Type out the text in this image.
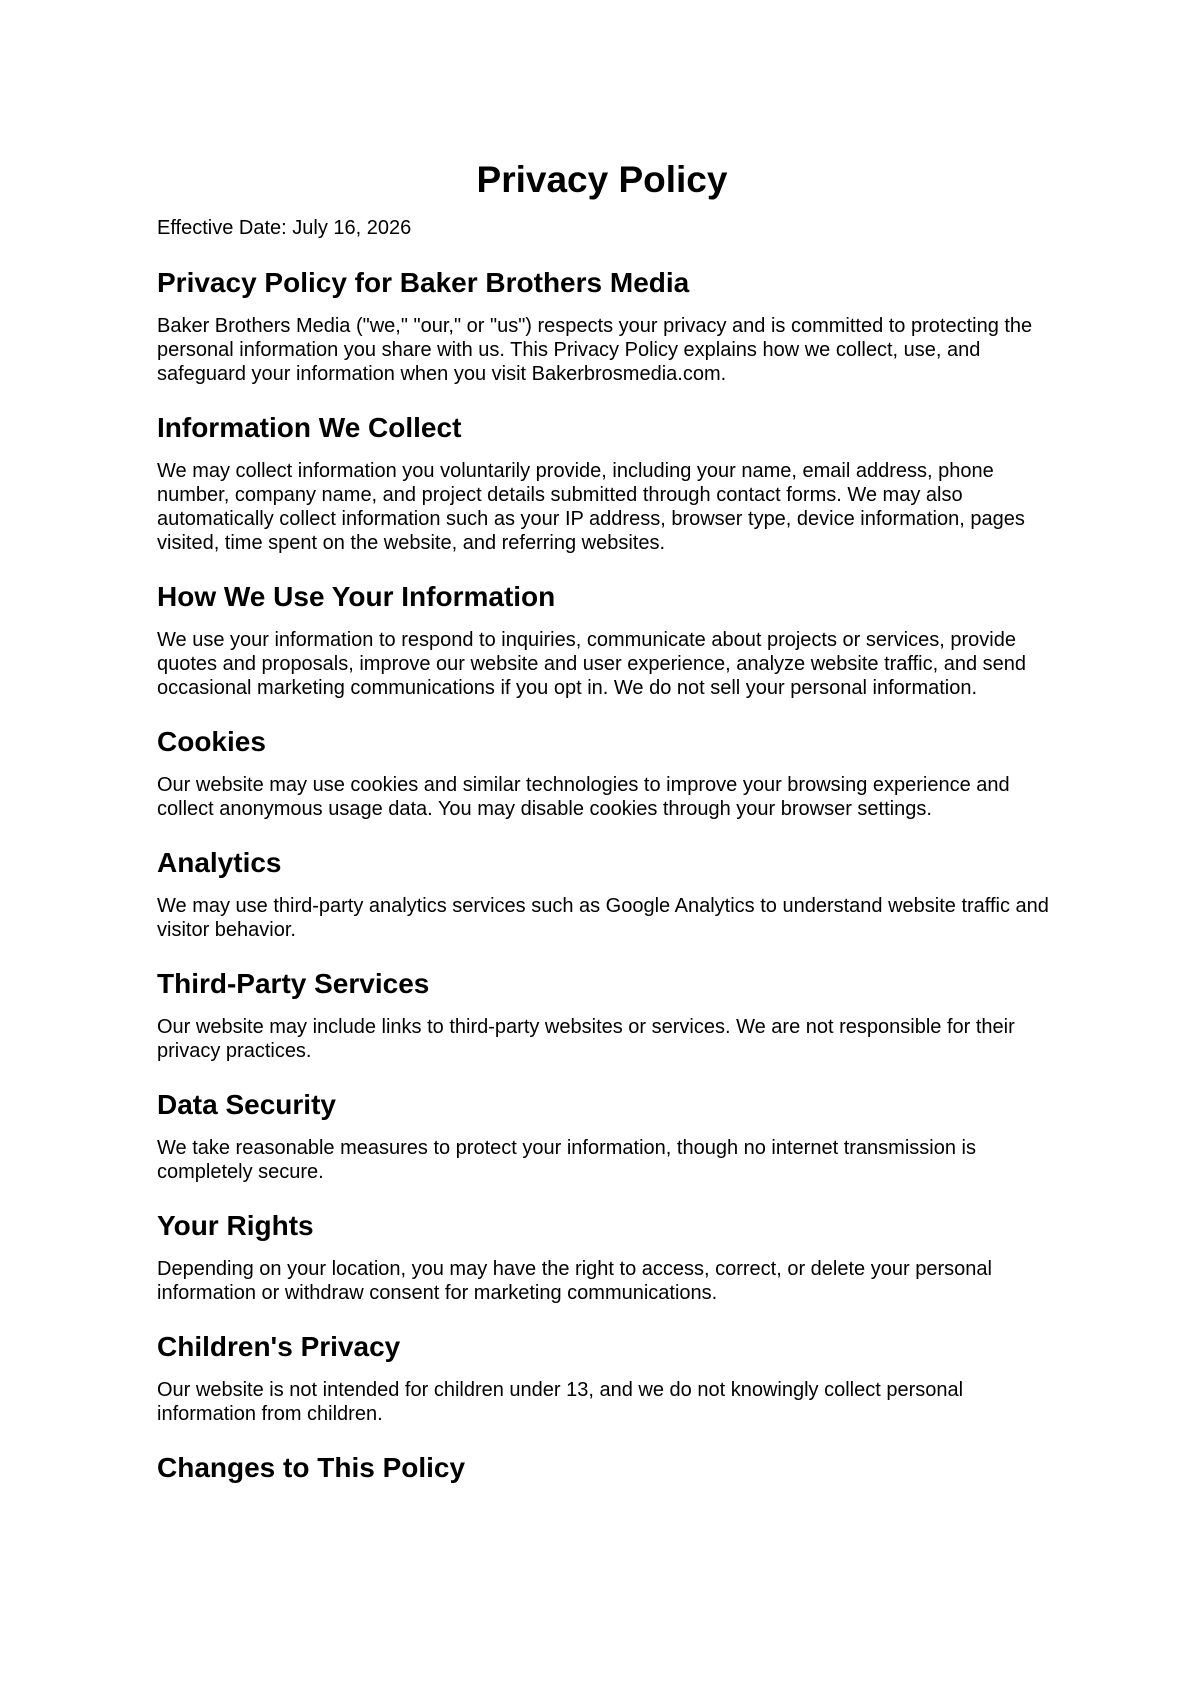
Privacy Policy

Effective Date: July 16, 2026

Privacy Policy for Baker Brothers Media

Baker Brothers Media ("we," "our," or "us") respects your privacy and is committed to protecting the personal information you share with us. This Privacy Policy explains how we collect, use, and safeguard your information when you visit Bakerbrosmedia.com.

Information We Collect

We may collect information you voluntarily provide, including your name, email address, phone number, company name, and project details submitted through contact forms. We may also automatically collect information such as your IP address, browser type, device information, pages visited, time spent on the website, and referring websites.

How We Use Your Information

We use your information to respond to inquiries, communicate about projects or services, provide quotes and proposals, improve our website and user experience, analyze website traffic, and send occasional marketing communications if you opt in. We do not sell your personal information.

Cookies

Our website may use cookies and similar technologies to improve your browsing experience and collect anonymous usage data. You may disable cookies through your browser settings.

Analytics

We may use third-party analytics services such as Google Analytics to understand website traffic and visitor behavior.

Third-Party Services

Our website may include links to third-party websites or services. We are not responsible for their privacy practices.

Data Security

We take reasonable measures to protect your information, though no internet transmission is completely secure.

Your Rights

Depending on your location, you may have the right to access, correct, or delete your personal information or withdraw consent for marketing communications.

Children's Privacy

Our website is not intended for children under 13, and we do not knowingly collect personal information from children.

Changes to This Policy
